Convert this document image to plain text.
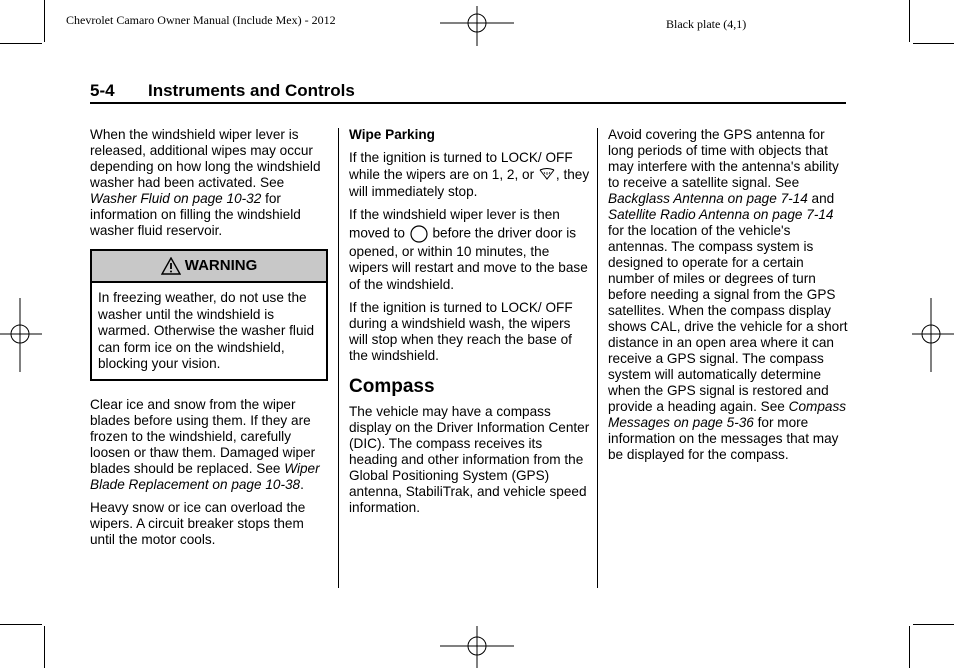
Chevrolet Camaro Owner Manual (Include Mex) - 2012	Black plate (4,1)
5-4 Instruments and Controls

When the windshield wiper lever is released, additional wipes may occur depending on how long the windshield washer had been activated. See Washer Fluid on page 10-32 for information on filling the windshield washer fluid reservoir.

WARNING
In freezing weather, do not use the washer until the windshield is warmed. Otherwise the washer fluid can form ice on the windshield, blocking your vision.

Clear ice and snow from the wiper blades before using them. If they are frozen to the windshield, carefully loosen or thaw them. Damaged wiper blades should be replaced. See Wiper Blade Replacement on page 10-38.

Heavy snow or ice can overload the wipers. A circuit breaker stops them until the motor cools.

Wipe Parking

If the ignition is turned to LOCK/ OFF while the wipers are on 1, 2, or , they will immediately stop.

If the windshield wiper lever is then moved to  before the driver door is opened, or within 10 minutes, the wipers will restart and move to the base of the windshield.

If the ignition is turned to LOCK/ OFF during a windshield wash, the wipers will stop when they reach the base of the windshield.

Compass

The vehicle may have a compass display on the Driver Information Center (DIC). The compass receives its heading and other information from the Global Positioning System (GPS) antenna, StabiliTrak, and vehicle speed information.

Avoid covering the GPS antenna for long periods of time with objects that may interfere with the antenna's ability to receive a satellite signal. See Backglass Antenna on page 7-14 and Satellite Radio Antenna on page 7-14 for the location of the vehicle's antennas. The compass system is designed to operate for a certain number of miles or degrees of turn before needing a signal from the GPS satellites. When the compass display shows CAL, drive the vehicle for a short distance in an open area where it can receive a GPS signal. The compass system will automatically determine when the GPS signal is restored and provide a heading again. See Compass Messages on page 5-36 for more information on the messages that may be displayed for the compass.
